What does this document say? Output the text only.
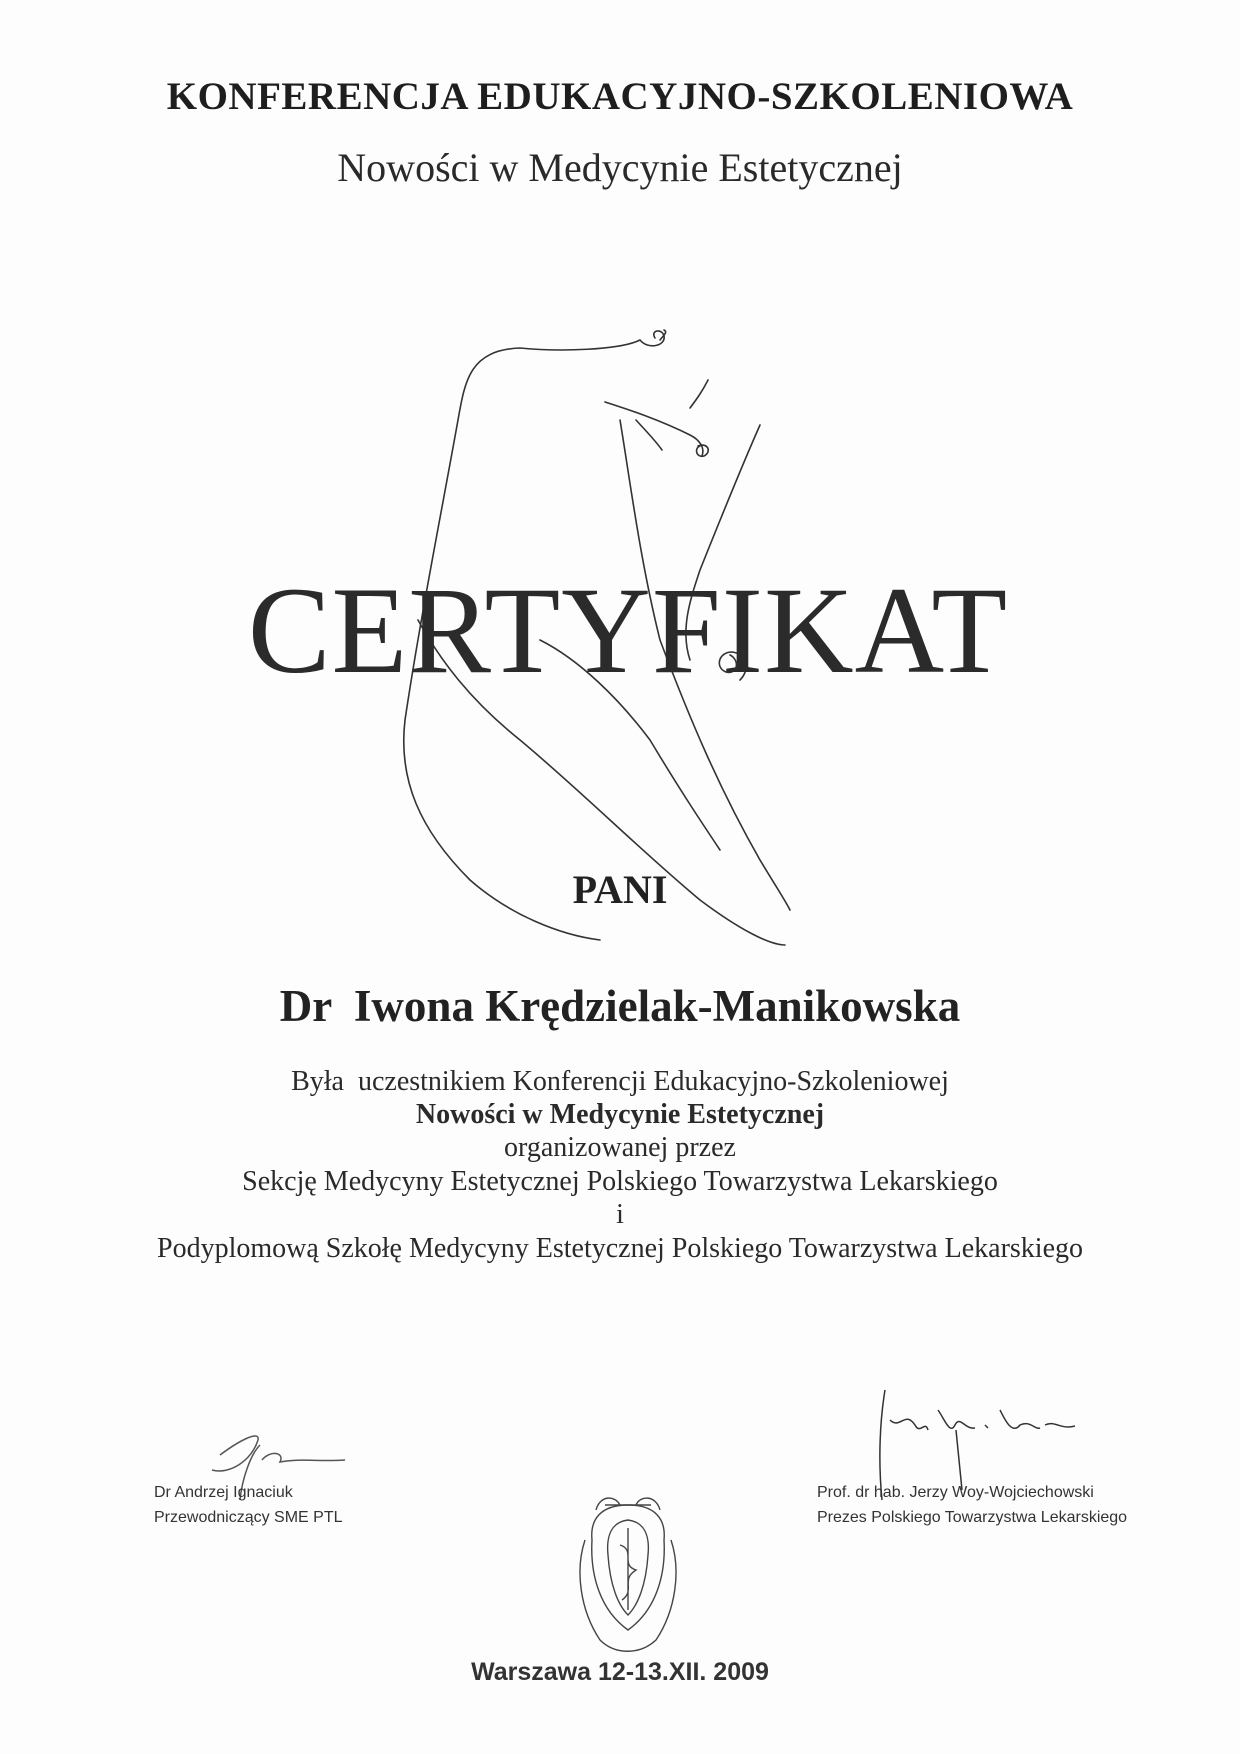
KONFERENCJA EDUKACYJNO-SZKOLENIOWA
Nowości w Medycynie Estetycznej
CERTYFIKAT
PANI
Dr  Iwona Krędzielak-Manikowska
Była  uczestnikiem Konferencji Edukacyjno-Szkoleniowej
Nowości w Medycynie Estetycznej
organizowanej przez
Sekcję Medycyny Estetycznej Polskiego Towarzystwa Lekarskiego
i
Podyplomową Szkołę Medycyny Estetycznej Polskiego Towarzystwa Lekarskiego
Dr Andrzej Ignaciuk
Przewodniczący SME PTL
Prof. dr hab. Jerzy Woy-Wojciechowski
Prezes Polskiego Towarzystwa Lekarskiego
Warszawa 12-13.XII. 2009
